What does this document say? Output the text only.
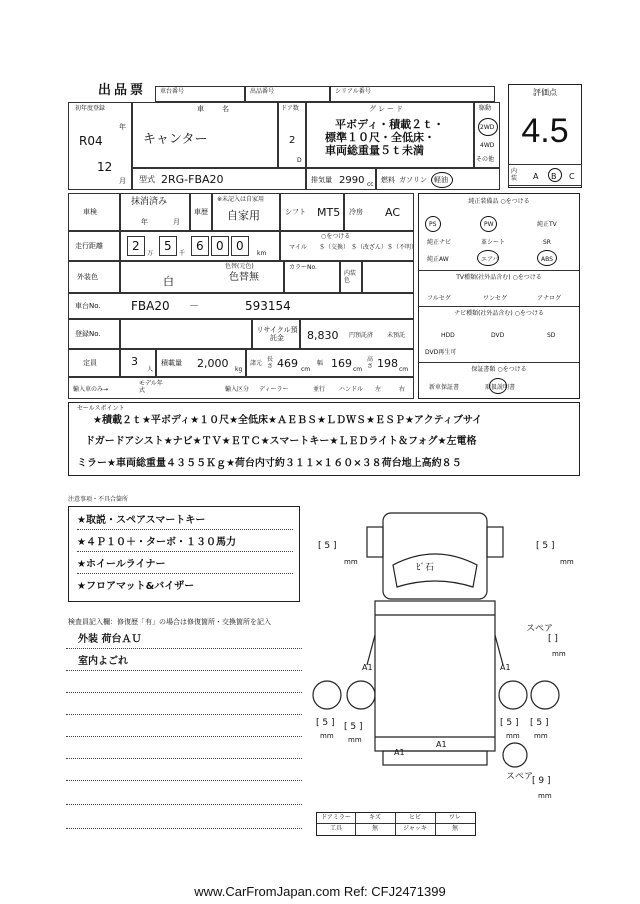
出品票 車台番号	出品番号	シリアル番号	評価点
4.5
初年度登録
R04
年
12
月
車名
キャンター
ドア数
2
D
グレード
平ボディ・積載２ｔ・
標準１０尺・全低床・
車両総重量５ｔ未満
駆動
2WD
4WD
その他
型式 2RG-FBA20	排気量 2990 cc
燃料 ガソリン 軽油
内装 A B C
車検
抹消済み
年	月
車歴
※未記入は自家用
自家用	シフト MT5 冷房 AC
走行距離 2
万
5
千
6 0 0
km
○をつける
マイル ＄（交換） ＄（改ざん） ＄（不明）
外装色	白
色替(元色)
色替無
カラーNo.
内装色
車台No.	FBA20 －	593154
登録No.	リサイクル預託金	8,830 円預託済 未預託
定員	3
人
積載量 2,000 kg
諸元
長さ 469 cm
幅 169 cm
高さ 198 cm
輸入車のみ→
モデル年式	輸入区分 ディーラー	並行 ハンドル 左	右
純正装備品 ○をつける
PS	PW	純正TV
純正ナビ	革シート	SR
純正AW	エアバ	ABS
TV種類(社外品含む) ○をつける
フルセグ	ワンセグ	アナログ
ナビ種類(社外品含む) ○をつける
HDD	DVD	SD
DVD再生可
保証書類 ○をつける
新車保証書	取扱説明書
セールスポイント
★積載２ｔ★平ボディ★１０尺★全低床★ＡＥＢＳ★ＬＤＷＳ★ＥＳＰ★アクティブサイ
ドガードアシスト★ナビ★ＴＶ★ＥＴＣ★スマートキー★ＬＥＤライト＆フォグ★左電格
ミラー★車両総重量４３５５Ｋｇ★荷台内寸約３１１×１６０×３８荷台地上高約８５
注意事項・不具合箇所
★取説・スペアスマートキー
★４Ｐ１０＋・ターボ・１３０馬力
★ホイールライナー
★フロアマット&バイザー
検査員記入欄：修復歴「有」の場合は修復箇所・交換箇所を記入
外装 荷台ＡＵ
室内よごれ
ﾋﾞ石
A1	A1
A1
A1
[ 5 ]
mm
[ 5 ]
mm
[ 5 ]
mm
[ 5 ]
mm
[ 5 ]
mm
[ 5 ]
mm
スペア
[ ]
mm
スペア
[ 9 ]
mm
ドアミラー	キズ	ヒビ	ワレ
工具	無	ジャッキ	無
www.CarFromJapan.com Ref: CFJ2471399
